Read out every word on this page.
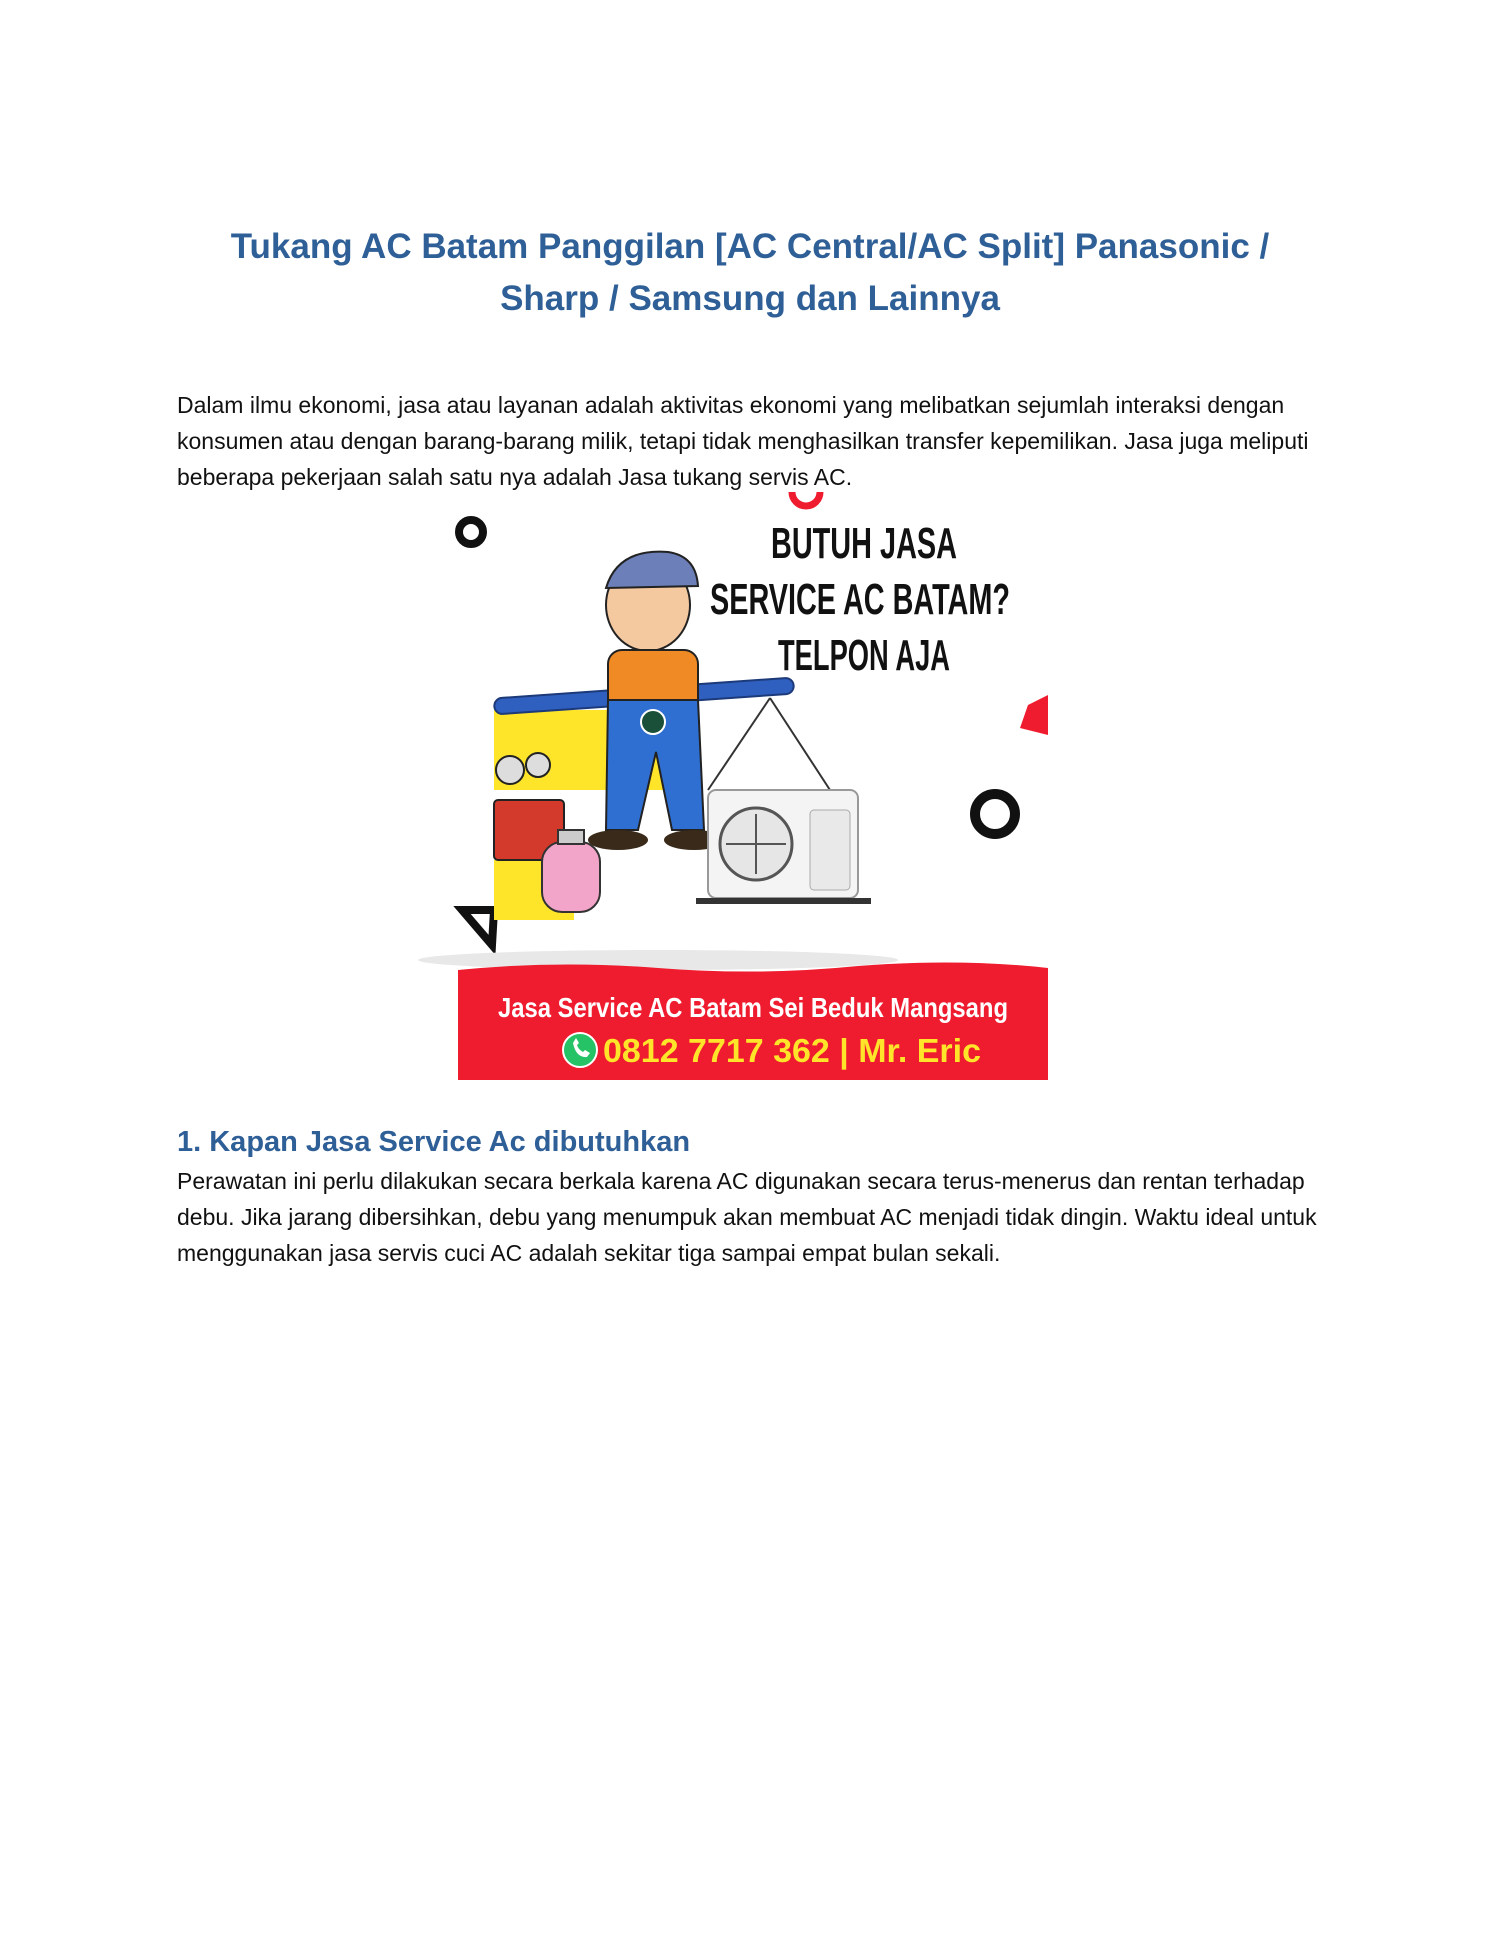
Tukang AC Batam Panggilan [AC Central/AC Split] Panasonic / Sharp / Samsung dan Lainnya

Dalam ilmu ekonomi, jasa atau layanan adalah aktivitas ekonomi yang melibatkan sejumlah interaksi dengan konsumen atau dengan barang-barang milik, tetapi tidak menghasilkan transfer kepemilikan. Jasa juga meliputi beberapa pekerjaan salah satu nya adalah Jasa tukang servis AC.

BUTUH JASA
SERVICE AC BATAM?
TELPON AJA
Jasa Service AC Batam Sei Beduk Mangsang
0812 7717 362 | Mr. Eric
1. Kapan Jasa Service Ac dibutuhkan

Perawatan ini perlu dilakukan secara berkala karena AC digunakan secara terus-menerus dan rentan terhadap debu. Jika jarang dibersihkan, debu yang menumpuk akan membuat AC menjadi tidak dingin. Waktu ideal untuk menggunakan jasa servis cuci AC adalah sekitar tiga sampai empat bulan sekali.
